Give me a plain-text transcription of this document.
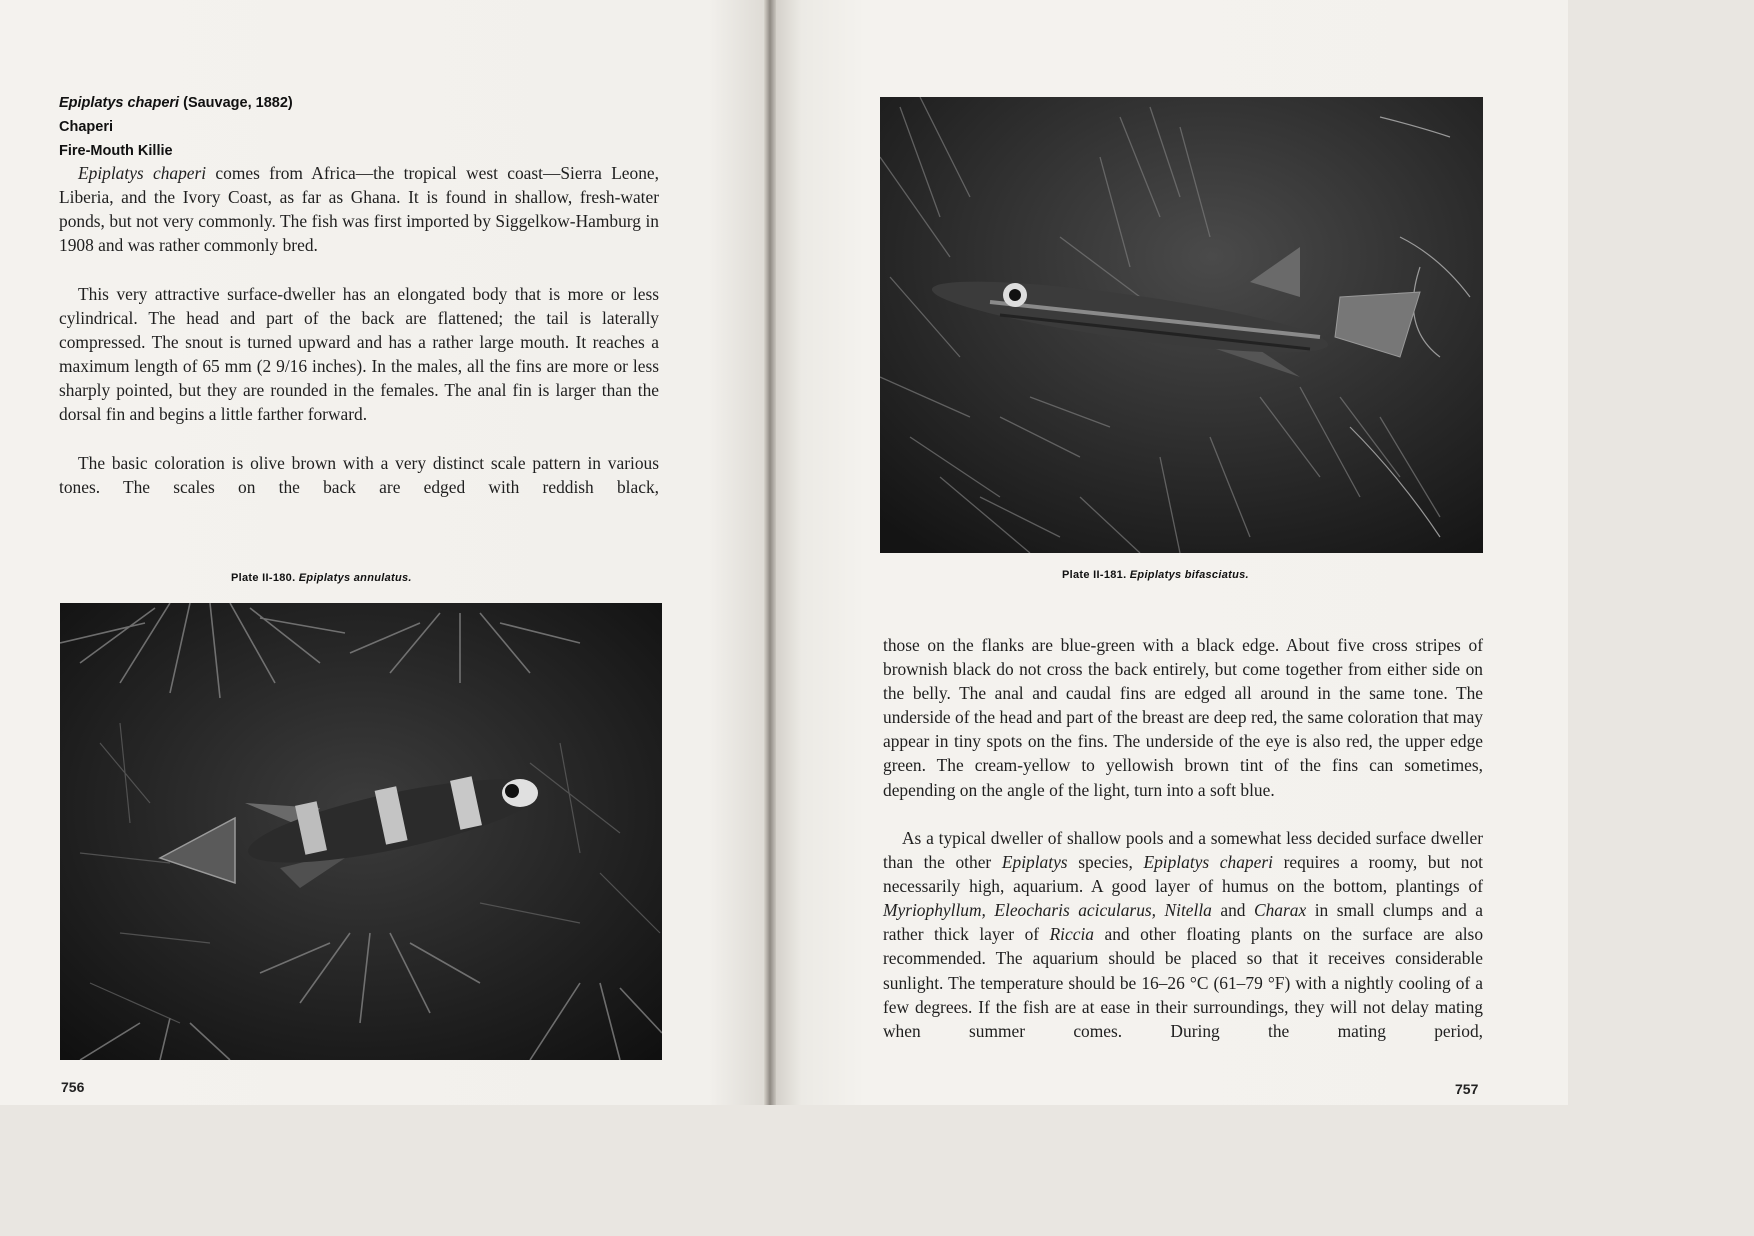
Epiplatys chaperi (Sauvage, 1882)
Chaperi
Fire-Mouth Killie

Epiplatys chaperi comes from Africa—the tropical west coast—Sierra Leone, Liberia, and the Ivory Coast, as far as Ghana. It is found in shallow, fresh-water ponds, but not very commonly. The fish was first imported by Siggelkow-Hamburg in 1908 and was rather commonly bred.

This very attractive surface-dweller has an elongated body that is more or less cylindrical. The head and part of the back are flattened; the tail is laterally compressed. The snout is turned upward and has a rather large mouth. It reaches a maximum length of 65 mm (2 9/16 inches). In the males, all the fins are more or less sharply pointed, but they are rounded in the females. The anal fin is larger than the dorsal fin and begins a little farther forward.

The basic coloration is olive brown with a very distinct scale pattern in various tones. The scales on the back are edged with reddish black,

Plate II-180. Epiplatys annulatus.
756
Plate II-181. Epiplatys bifasciatus.

those on the flanks are blue-green with a black edge. About five cross stripes of brownish black do not cross the back entirely, but come together from either side on the belly. The anal and caudal fins are edged all around in the same tone. The underside of the head and part of the breast are deep red, the same coloration that may appear in tiny spots on the fins. The underside of the eye is also red, the upper edge green. The cream-yellow to yellowish brown tint of the fins can sometimes, depending on the angle of the light, turn into a soft blue.

As a typical dweller of shallow pools and a somewhat less decided surface dweller than the other Epiplatys species, Epiplatys chaperi requires a roomy, but not necessarily high, aquarium. A good layer of humus on the bottom, plantings of Myriophyllum, Eleocharis acicularus, Nitella and Charax in small clumps and a rather thick layer of Riccia and other floating plants on the surface are also recommended. The aquarium should be placed so that it receives considerable sunlight. The temperature should be 16–26 °C (61–79 °F) with a nightly cooling of a few degrees. If the fish are at ease in their surroundings, they will not delay mating when summer comes. During the mating period,

757
